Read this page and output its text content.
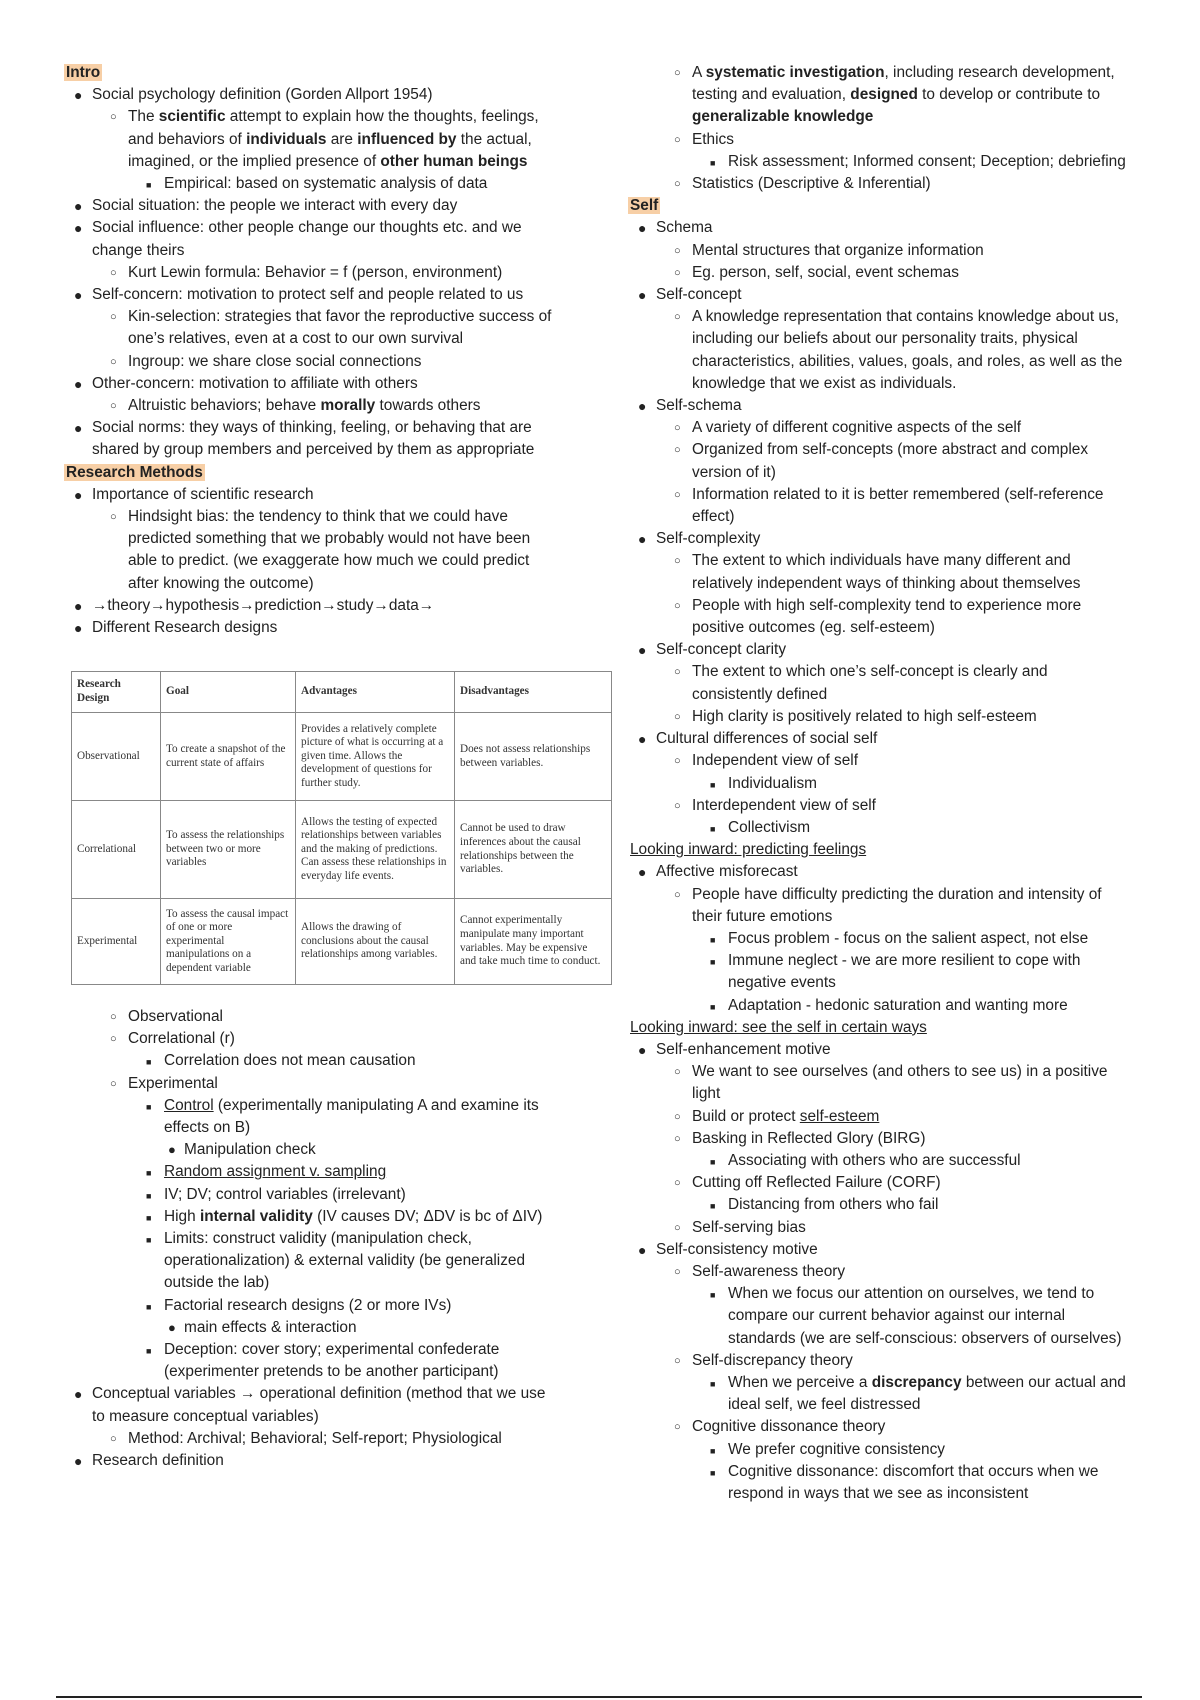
Intro
● Social psychology definition (Gorden Allport 1954)
○ The scientific attempt to explain how the thoughts, feelings,
and behaviors of individuals are influenced by the actual,
imagined, or the implied presence of other human beings
■ Empirical: based on systematic analysis of data
● Social situation: the people we interact with every day
● Social influence: other people change our thoughts etc. and we
change theirs
○ Kurt Lewin formula: Behavior = f (person, environment)
● Self-concern: motivation to protect self and people related to us
○ Kin-selection: strategies that favor the reproductive success of
one’s relatives, even at a cost to our own survival
○ Ingroup: we share close social connections
● Other-concern: motivation to affiliate with others
○ Altruistic behaviors; behave morally towards others
● Social norms: they ways of thinking, feeling, or behaving that are
shared by group members and perceived by them as appropriate
Research Methods
● Importance of scientific research
○ Hindsight bias: the tendency to think that we could have
predicted something that we probably would not have been
able to predict. (we exaggerate how much we could predict
after knowing the outcome)
● →theory→hypothesis→prediction→study→data→
● Different Research designs
Research Design	Goal	Advantages	Disadvantages
Observational	To create a snapshot of the current state of affairs	Provides a relatively complete picture of what is occurring at a given time. Allows the development of questions for further study.	Does not assess relationships between variables.
Correlational	To assess the relationships between two or more variables	Allows the testing of expected relationships between variables and the making of predictions. Can assess these relationships in everyday life events.	Cannot be used to draw inferences about the causal relationships between the variables.
Experimental	To assess the causal impact of one or more experimental manipulations on a dependent variable	Allows the drawing of conclusions about the causal relationships among variables.	Cannot experimentally manipulate many important variables. May be expensive and take much time to conduct.
○ Observational
○ Correlational (r)
■ Correlation does not mean causation
○ Experimental
■ Control (experimentally manipulating A and examine its
effects on B)
● Manipulation check
■ Random assignment v. sampling
■ IV; DV; control variables (irrelevant)
■ High internal validity (IV causes DV; ΔDV is bc of ΔIV)
■ Limits: construct validity (manipulation check,
operationalization) & external validity (be generalized
outside the lab)
■ Factorial research designs (2 or more IVs)
● main effects & interaction
■ Deception: cover story; experimental confederate
(experimenter pretends to be another participant)
● Conceptual variables → operational definition (method that we use
to measure conceptual variables)
○ Method: Archival; Behavioral; Self-report; Physiological
● Research definition
○ A systematic investigation, including research development,
testing and evaluation, designed to develop or contribute to
generalizable knowledge
○ Ethics
■ Risk assessment; Informed consent; Deception; debriefing
○ Statistics (Descriptive & Inferential)
Self
● Schema
○ Mental structures that organize information
○ Eg. person, self, social, event schemas
● Self-concept
○ A knowledge representation that contains knowledge about us,
including our beliefs about our personality traits, physical
characteristics, abilities, values, goals, and roles, as well as the
knowledge that we exist as individuals.
● Self-schema
○ A variety of different cognitive aspects of the self
○ Organized from self-concepts (more abstract and complex
version of it)
○ Information related to it is better remembered (self-reference
effect)
● Self-complexity
○ The extent to which individuals have many different and
relatively independent ways of thinking about themselves
○ People with high self-complexity tend to experience more
positive outcomes (eg. self-esteem)
● Self-concept clarity
○ The extent to which one’s self-concept is clearly and
consistently defined
○ High clarity is positively related to high self-esteem
● Cultural differences of social self
○ Independent view of self
■ Individualism
○ Interdependent view of self
■ Collectivism
Looking inward: predicting feelings
● Affective misforecast
○ People have difficulty predicting the duration and intensity of
their future emotions
■ Focus problem - focus on the salient aspect, not else
■ Immune neglect - we are more resilient to cope with
negative events
■ Adaptation - hedonic saturation and wanting more
Looking inward: see the self in certain ways
● Self-enhancement motive
○ We want to see ourselves (and others to see us) in a positive
light
○ Build or protect self-esteem
○ Basking in Reflected Glory (BIRG)
■ Associating with others who are successful
○ Cutting off Reflected Failure (CORF)
■ Distancing from others who fail
○ Self-serving bias
● Self-consistency motive
○ Self-awareness theory
■ When we focus our attention on ourselves, we tend to
compare our current behavior against our internal
standards (we are self-conscious: observers of ourselves)
○ Self-discrepancy theory
■ When we perceive a discrepancy between our actual and
ideal self, we feel distressed
○ Cognitive dissonance theory
■ We prefer cognitive consistency
■ Cognitive dissonance: discomfort that occurs when we
respond in ways that we see as inconsistent
